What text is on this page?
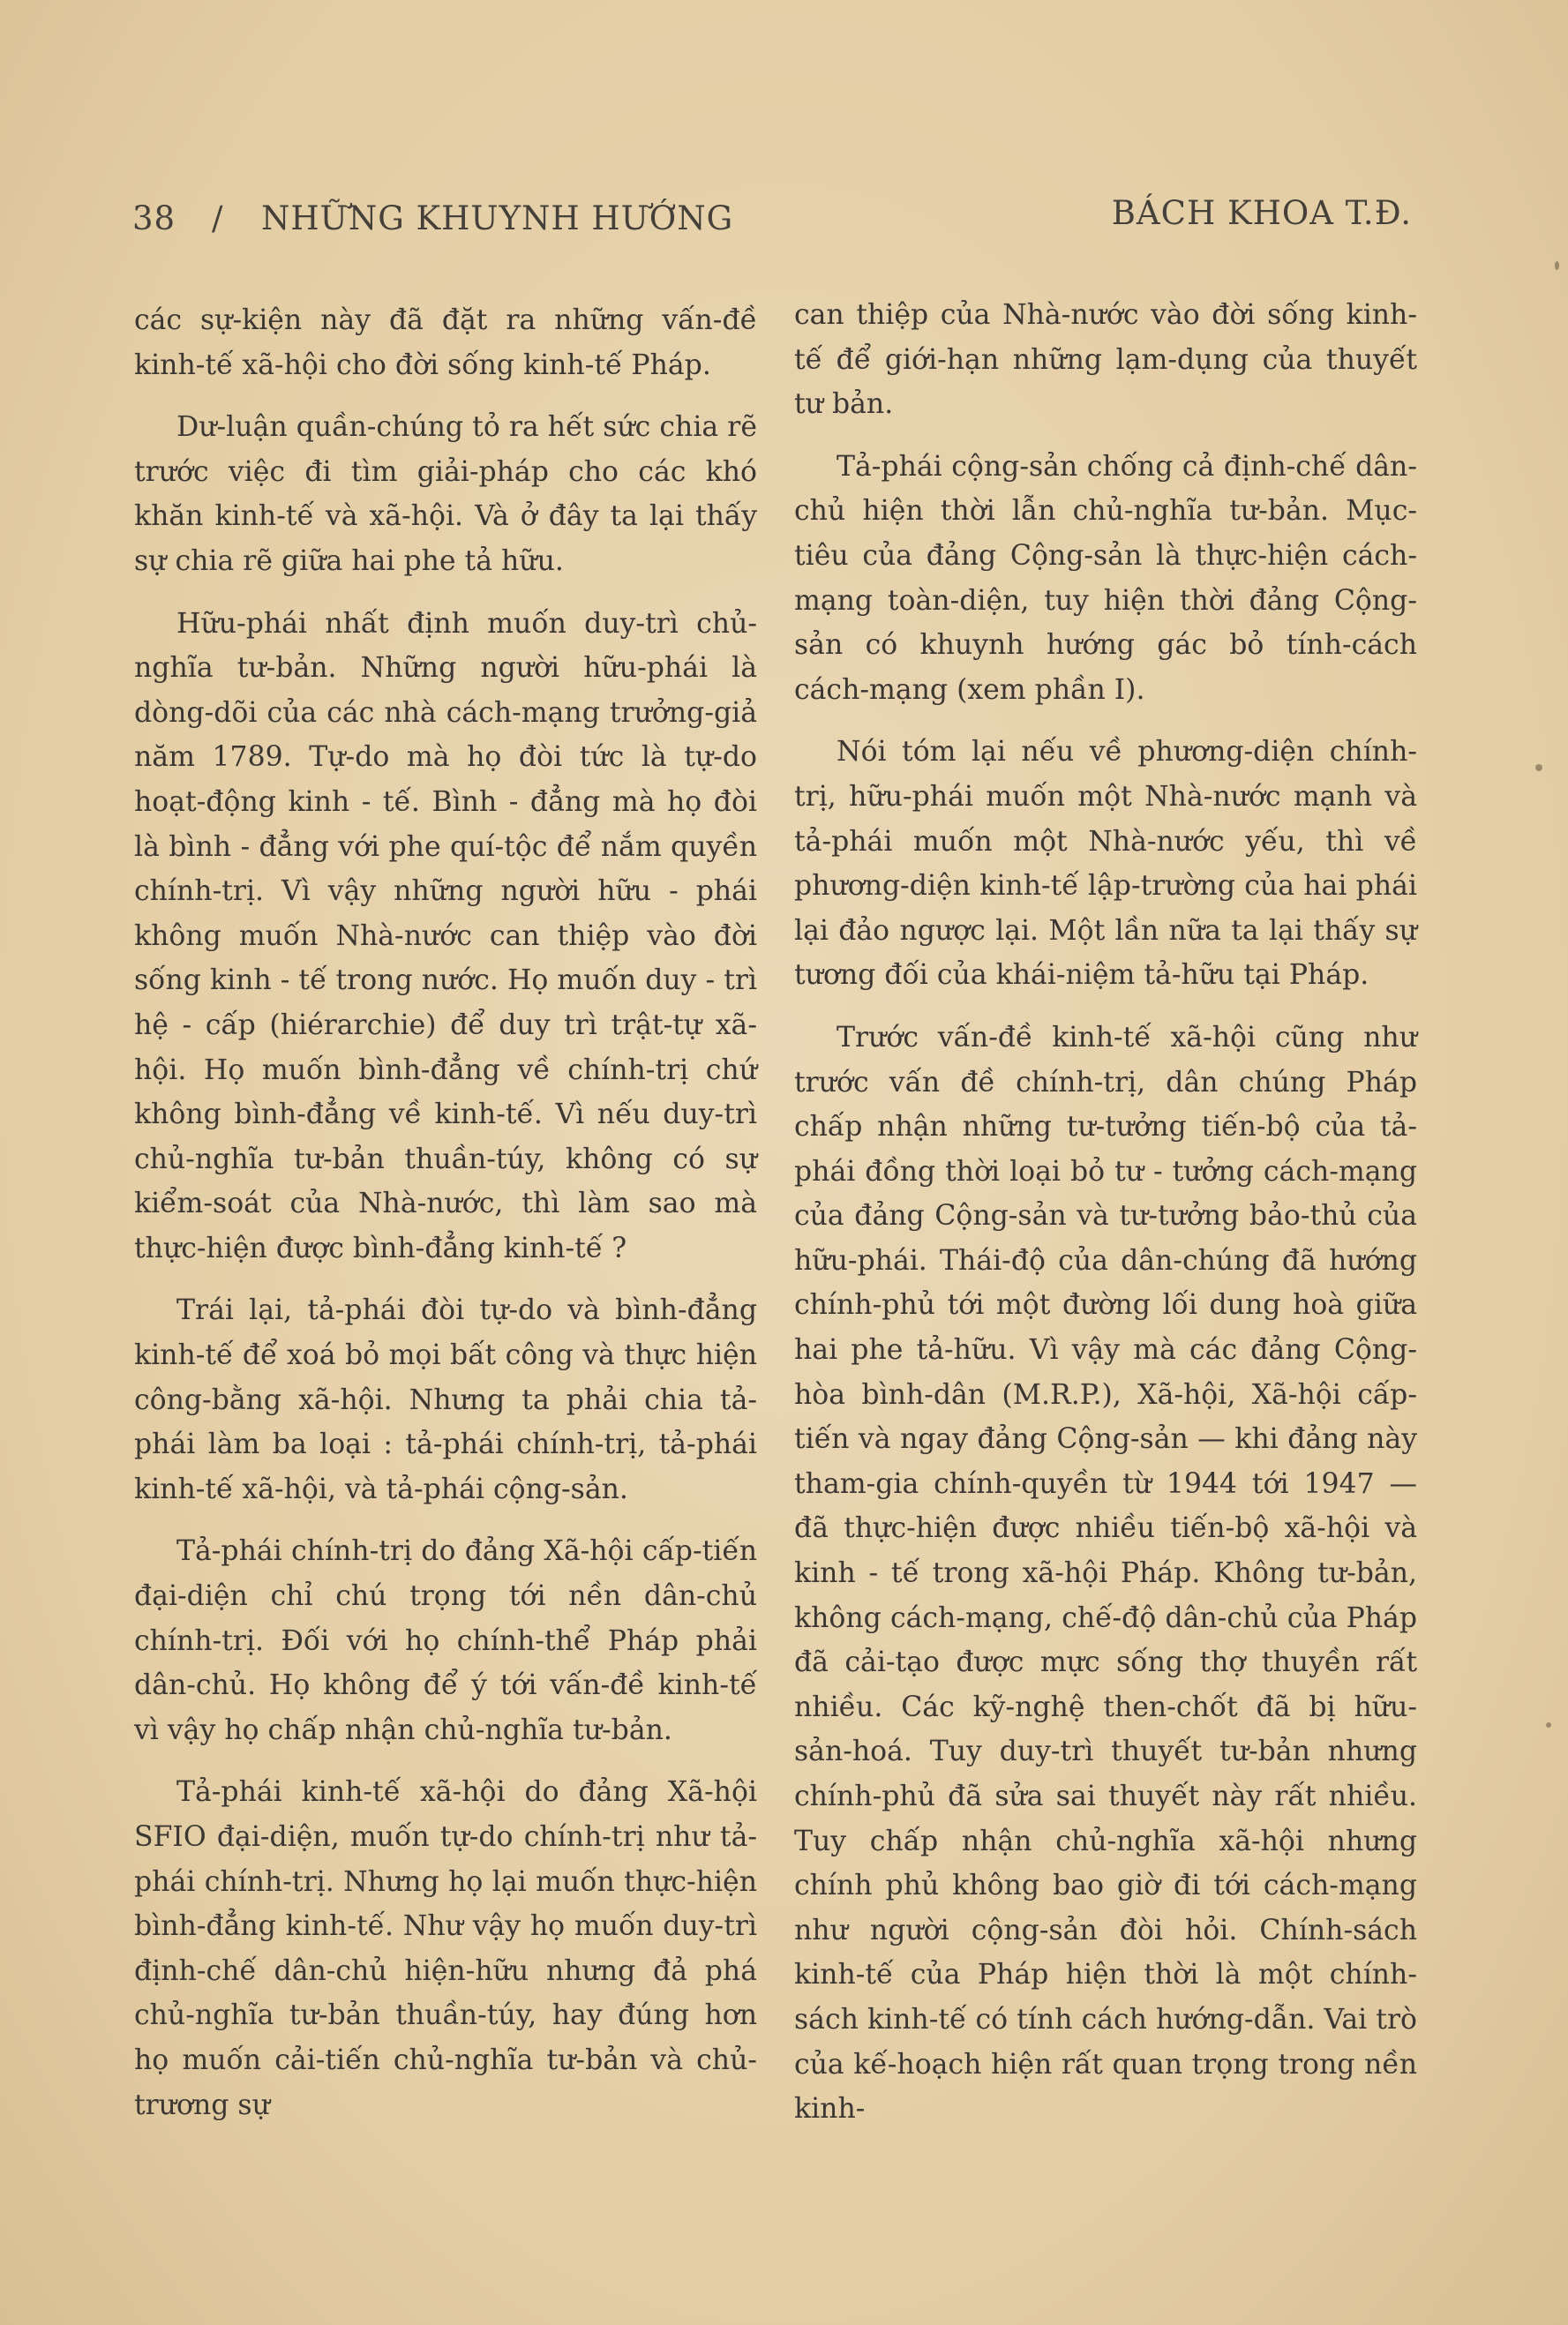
38 / NHỮNG KHUYNH HƯỚNG	BÁCH KHOA T.Đ.

các sự-kiện này đã đặt ra những vấn-đề kinh-tế xã-hội cho đời sống kinh-tế Pháp.

Dư-luận quần-chúng tỏ ra hết sức chia rẽ trước việc đi tìm giải-pháp cho các khó khăn kinh-tế và xã-hội. Và ở đây ta lại thấy sự chia rẽ giữa hai phe tả hữu.

Hữu-phái nhất định muốn duy-trì chủ-nghĩa tư-bản. Những người hữu-phái là dòng-dõi của các nhà cách-mạng trưởng-giả năm 1789. Tự-do mà họ đòi tức là tự-do hoạt-động kinh - tế. Bình - đẳng mà họ đòi là bình - đẳng với phe quí-tộc để nắm quyền chính-trị. Vì vậy những người hữu - phái không muốn Nhà-nước can thiệp vào đời sống kinh - tế trong nước. Họ muốn duy - trì hệ - cấp (hiérarchie) để duy trì trật-tự xã-hội. Họ muốn bình-đẳng về chính-trị chứ không bình-đẳng về kinh-tế. Vì nếu duy-trì chủ-nghĩa tư-bản thuần-túy, không có sự kiểm-soát của Nhà-nước, thì làm sao mà thực-hiện được bình-đẳng kinh-tế ?

Trái lại, tả-phái đòi tự-do và bình-đẳng kinh-tế để xoá bỏ mọi bất công và thực hiện công-bằng xã-hội. Nhưng ta phải chia tả-phái làm ba loại : tả-phái chính-trị, tả-phái kinh-tế xã-hội, và tả-phái cộng-sản.

Tả-phái chính-trị do đảng Xã-hội cấp-tiến đại-diện chỉ chú trọng tới nền dân-chủ chính-trị. Đối với họ chính-thể Pháp phải dân-chủ. Họ không để ý tới vấn-đề kinh-tế vì vậy họ chấp nhận chủ-nghĩa tư-bản.

Tả-phái kinh-tế xã-hội do đảng Xã-hội SFIO đại-diện, muốn tự-do chính-trị như tả-phái chính-trị. Nhưng họ lại muốn thực-hiện bình-đẳng kinh-tế. Như vậy họ muốn duy-trì định-chế dân-chủ hiện-hữu nhưng đả phá chủ-nghĩa tư-bản thuần-túy, hay đúng hơn họ muốn cải-tiến chủ-nghĩa tư-bản và chủ-trương sự

can thiệp của Nhà-nước vào đời sống kinh-tế để giới-hạn những lạm-dụng của thuyết tư bản.

Tả-phái cộng-sản chống cả định-chế dân-chủ hiện thời lẫn chủ-nghĩa tư-bản. Mục-tiêu của đảng Cộng-sản là thực-hiện cách-mạng toàn-diện, tuy hiện thời đảng Cộng-sản có khuynh hướng gác bỏ tính-cách cách-mạng (xem phần I).

Nói tóm lại nếu về phương-diện chính-trị, hữu-phái muốn một Nhà-nước mạnh và tả-phái muốn một Nhà-nước yếu, thì về phương-diện kinh-tế lập-trường của hai phái lại đảo ngược lại. Một lần nữa ta lại thấy sự tương đối của khái-niệm tả-hữu tại Pháp.

Trước vấn-đề kinh-tế xã-hội cũng như trước vấn đề chính-trị, dân chúng Pháp chấp nhận những tư-tưởng tiến-bộ của tả-phái đồng thời loại bỏ tư - tưởng cách-mạng của đảng Cộng-sản và tư-tưởng bảo-thủ của hữu-phái. Thái-độ của dân-chúng đã hướng chính-phủ tới một đường lối dung hoà giữa hai phe tả-hữu. Vì vậy mà các đảng Cộng-hòa bình-dân (M.R.P.), Xã-hội, Xã-hội cấp-tiến và ngay đảng Cộng-sản — khi đảng này tham-gia chính-quyền từ 1944 tới 1947 — đã thực-hiện được nhiều tiến-bộ xã-hội và kinh - tế trong xã-hội Pháp. Không tư-bản, không cách-mạng, chế-độ dân-chủ của Pháp đã cải-tạo được mực sống thợ thuyền rất nhiều. Các kỹ-nghệ then-chốt đã bị hữu-sản-hoá. Tuy duy-trì thuyết tư-bản nhưng chính-phủ đã sửa sai thuyết này rất nhiều. Tuy chấp nhận chủ-nghĩa xã-hội nhưng chính phủ không bao giờ đi tới cách-mạng như người cộng-sản đòi hỏi. Chính-sách kinh-tế của Pháp hiện thời là một chính-sách kinh-tế có tính cách hướng-dẫn. Vai trò của kế-hoạch hiện rất quan trọng trong nền kinh-
